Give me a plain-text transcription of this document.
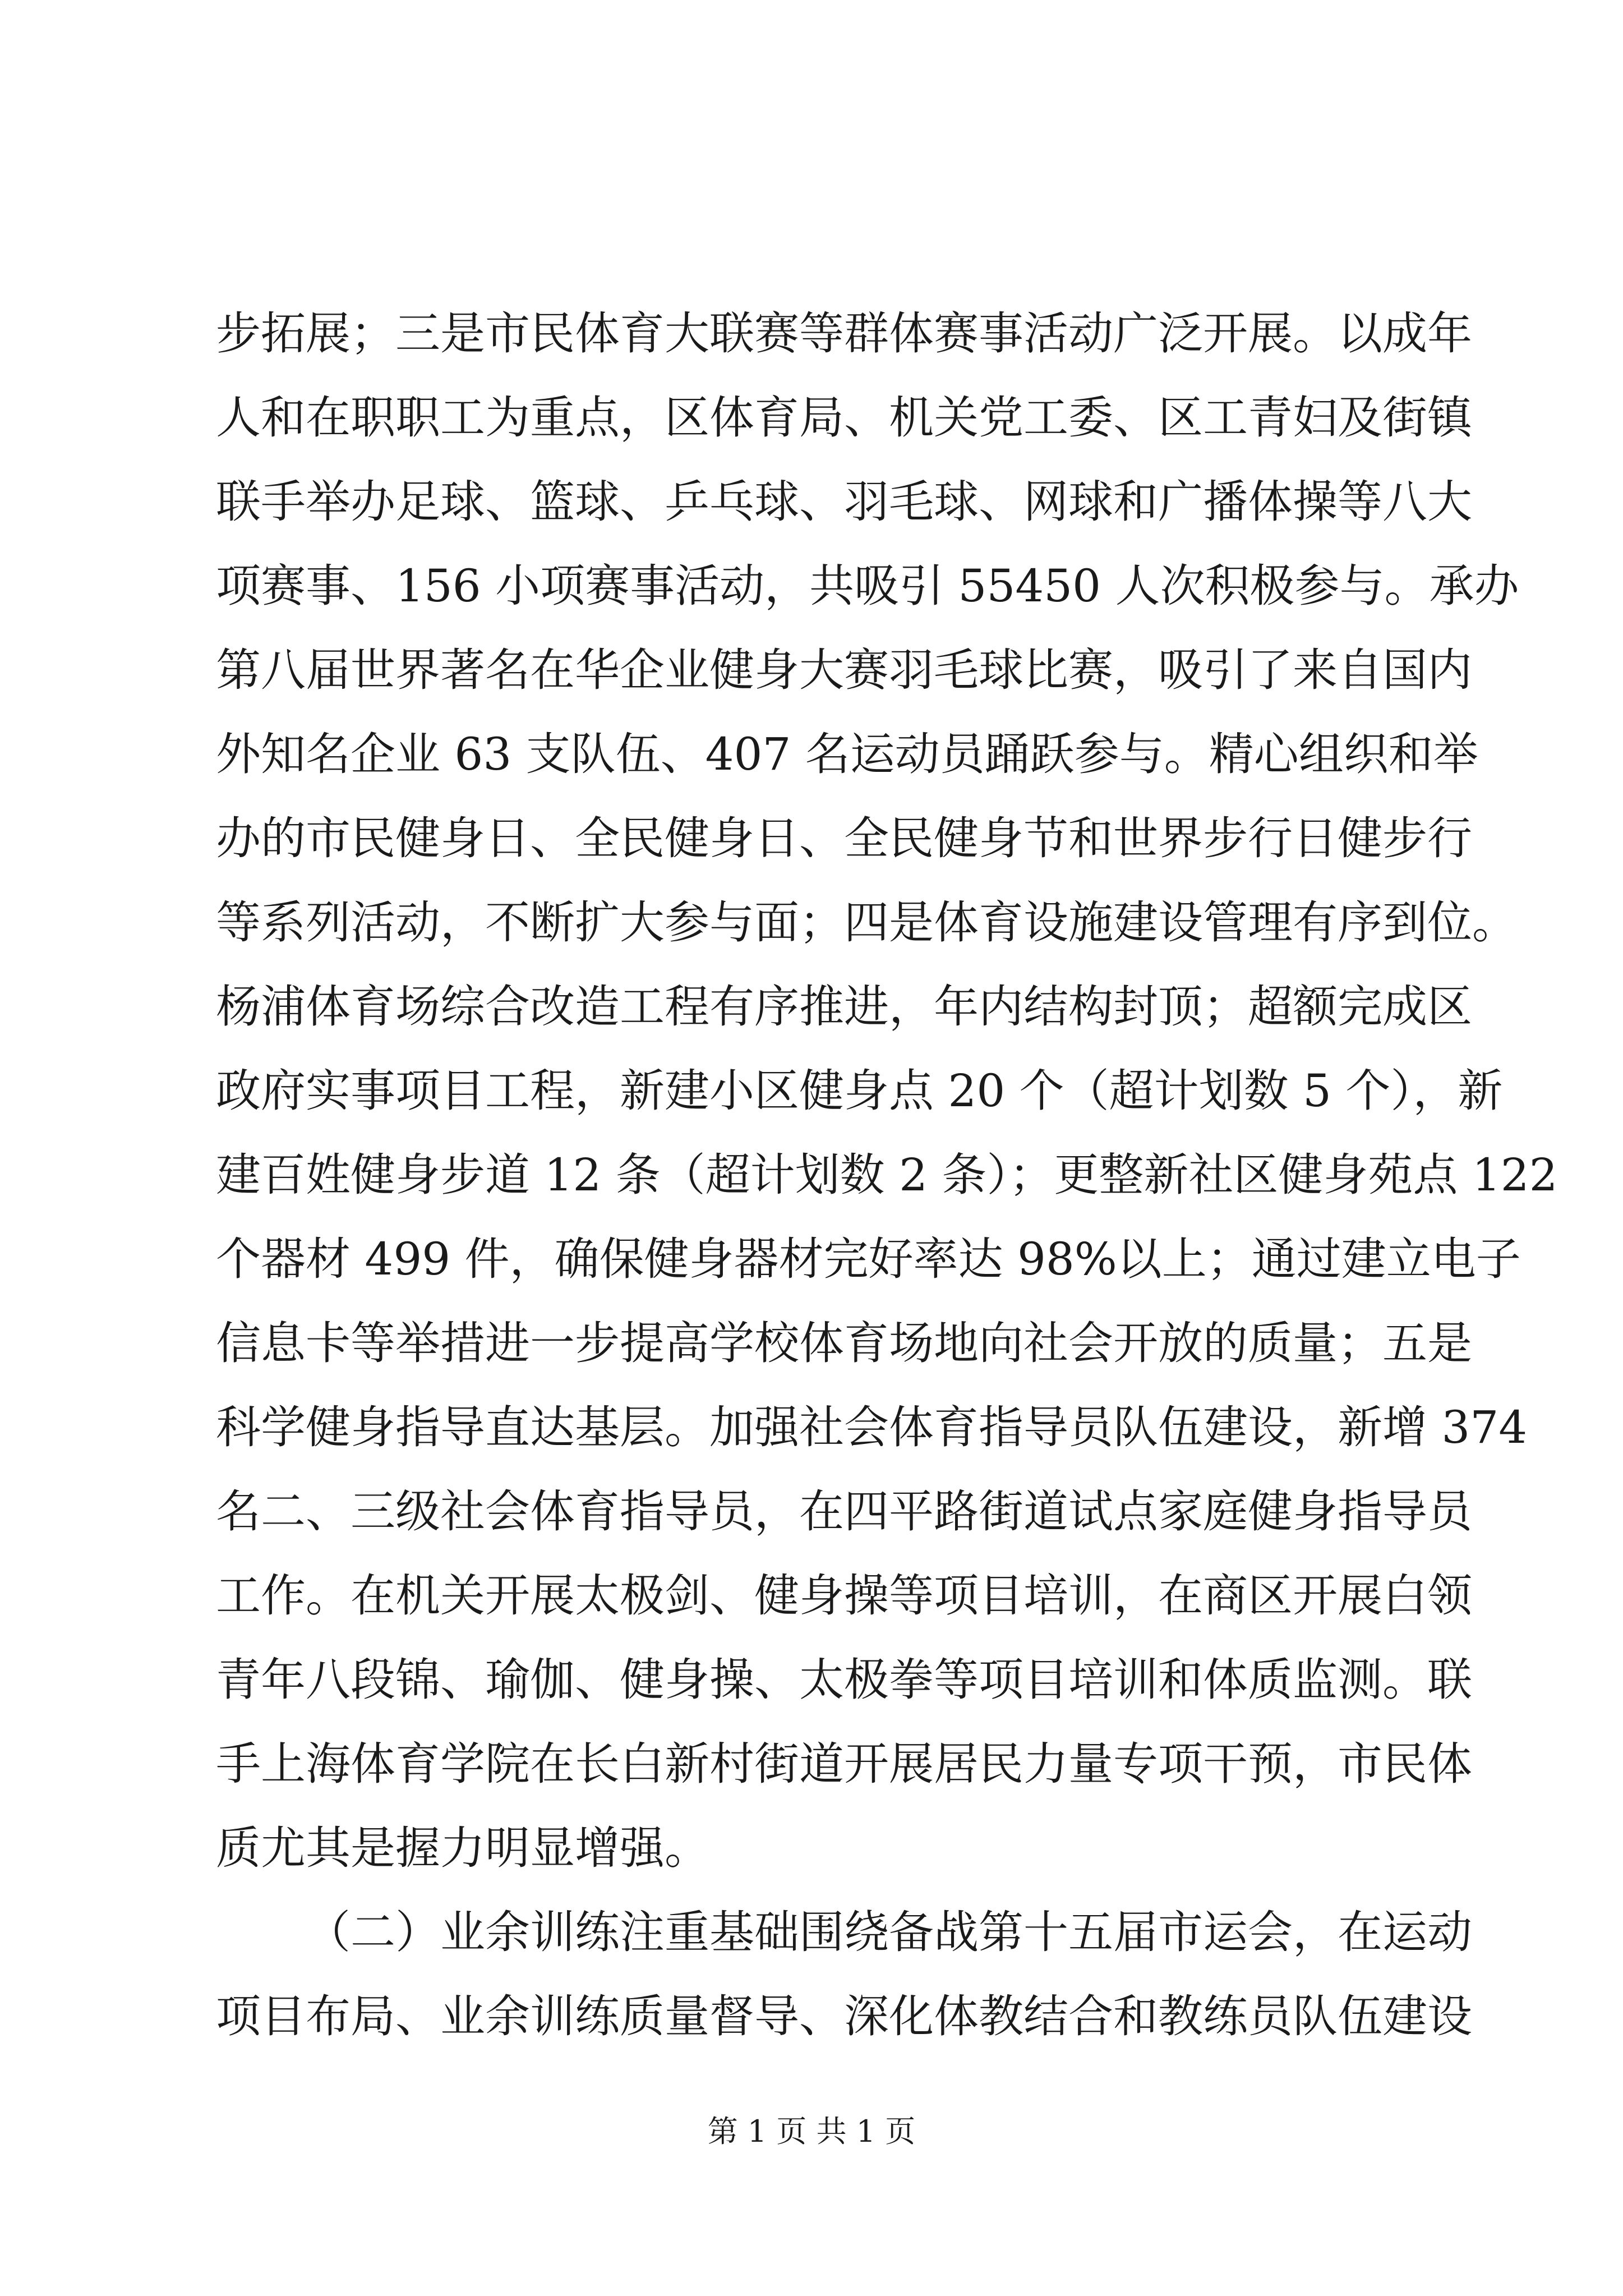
步拓展；三是市民体育大联赛等群体赛事活动广泛开展。以成年
人和在职职工为重点，区体育局、机关党工委、区工青妇及街镇
联手举办足球、篮球、乒乓球、羽毛球、网球和广播体操等八大
项赛事、156 小项赛事活动，共吸引 55450 人次积极参与。承办
第八届世界著名在华企业健身大赛羽毛球比赛，吸引了来自国内
外知名企业 63 支队伍、407 名运动员踊跃参与。精心组织和举
办的市民健身日、全民健身日、全民健身节和世界步行日健步行
等系列活动，不断扩大参与面；四是体育设施建设管理有序到位。
杨浦体育场综合改造工程有序推进，年内结构封顶；超额完成区
政府实事项目工程，新建小区健身点 20 个（超计划数 5 个），新
建百姓健身步道 12 条（超计划数 2 条）；更整新社区健身苑点 122
个器材 499 件，确保健身器材完好率达 98%以上；通过建立电子
信息卡等举措进一步提高学校体育场地向社会开放的质量；五是
科学健身指导直达基层。加强社会体育指导员队伍建设，新增 374
名二、三级社会体育指导员，在四平路街道试点家庭健身指导员
工作。在机关开展太极剑、健身操等项目培训，在商区开展白领
青年八段锦、瑜伽、健身操、太极拳等项目培训和体质监测。联
手上海体育学院在长白新村街道开展居民力量专项干预，市民体
质尤其是握力明显增强。
（二）业余训练注重基础围绕备战第十五届市运会，在运动
项目布局、业余训练质量督导、深化体教结合和教练员队伍建设
第 1 页 共 1 页
